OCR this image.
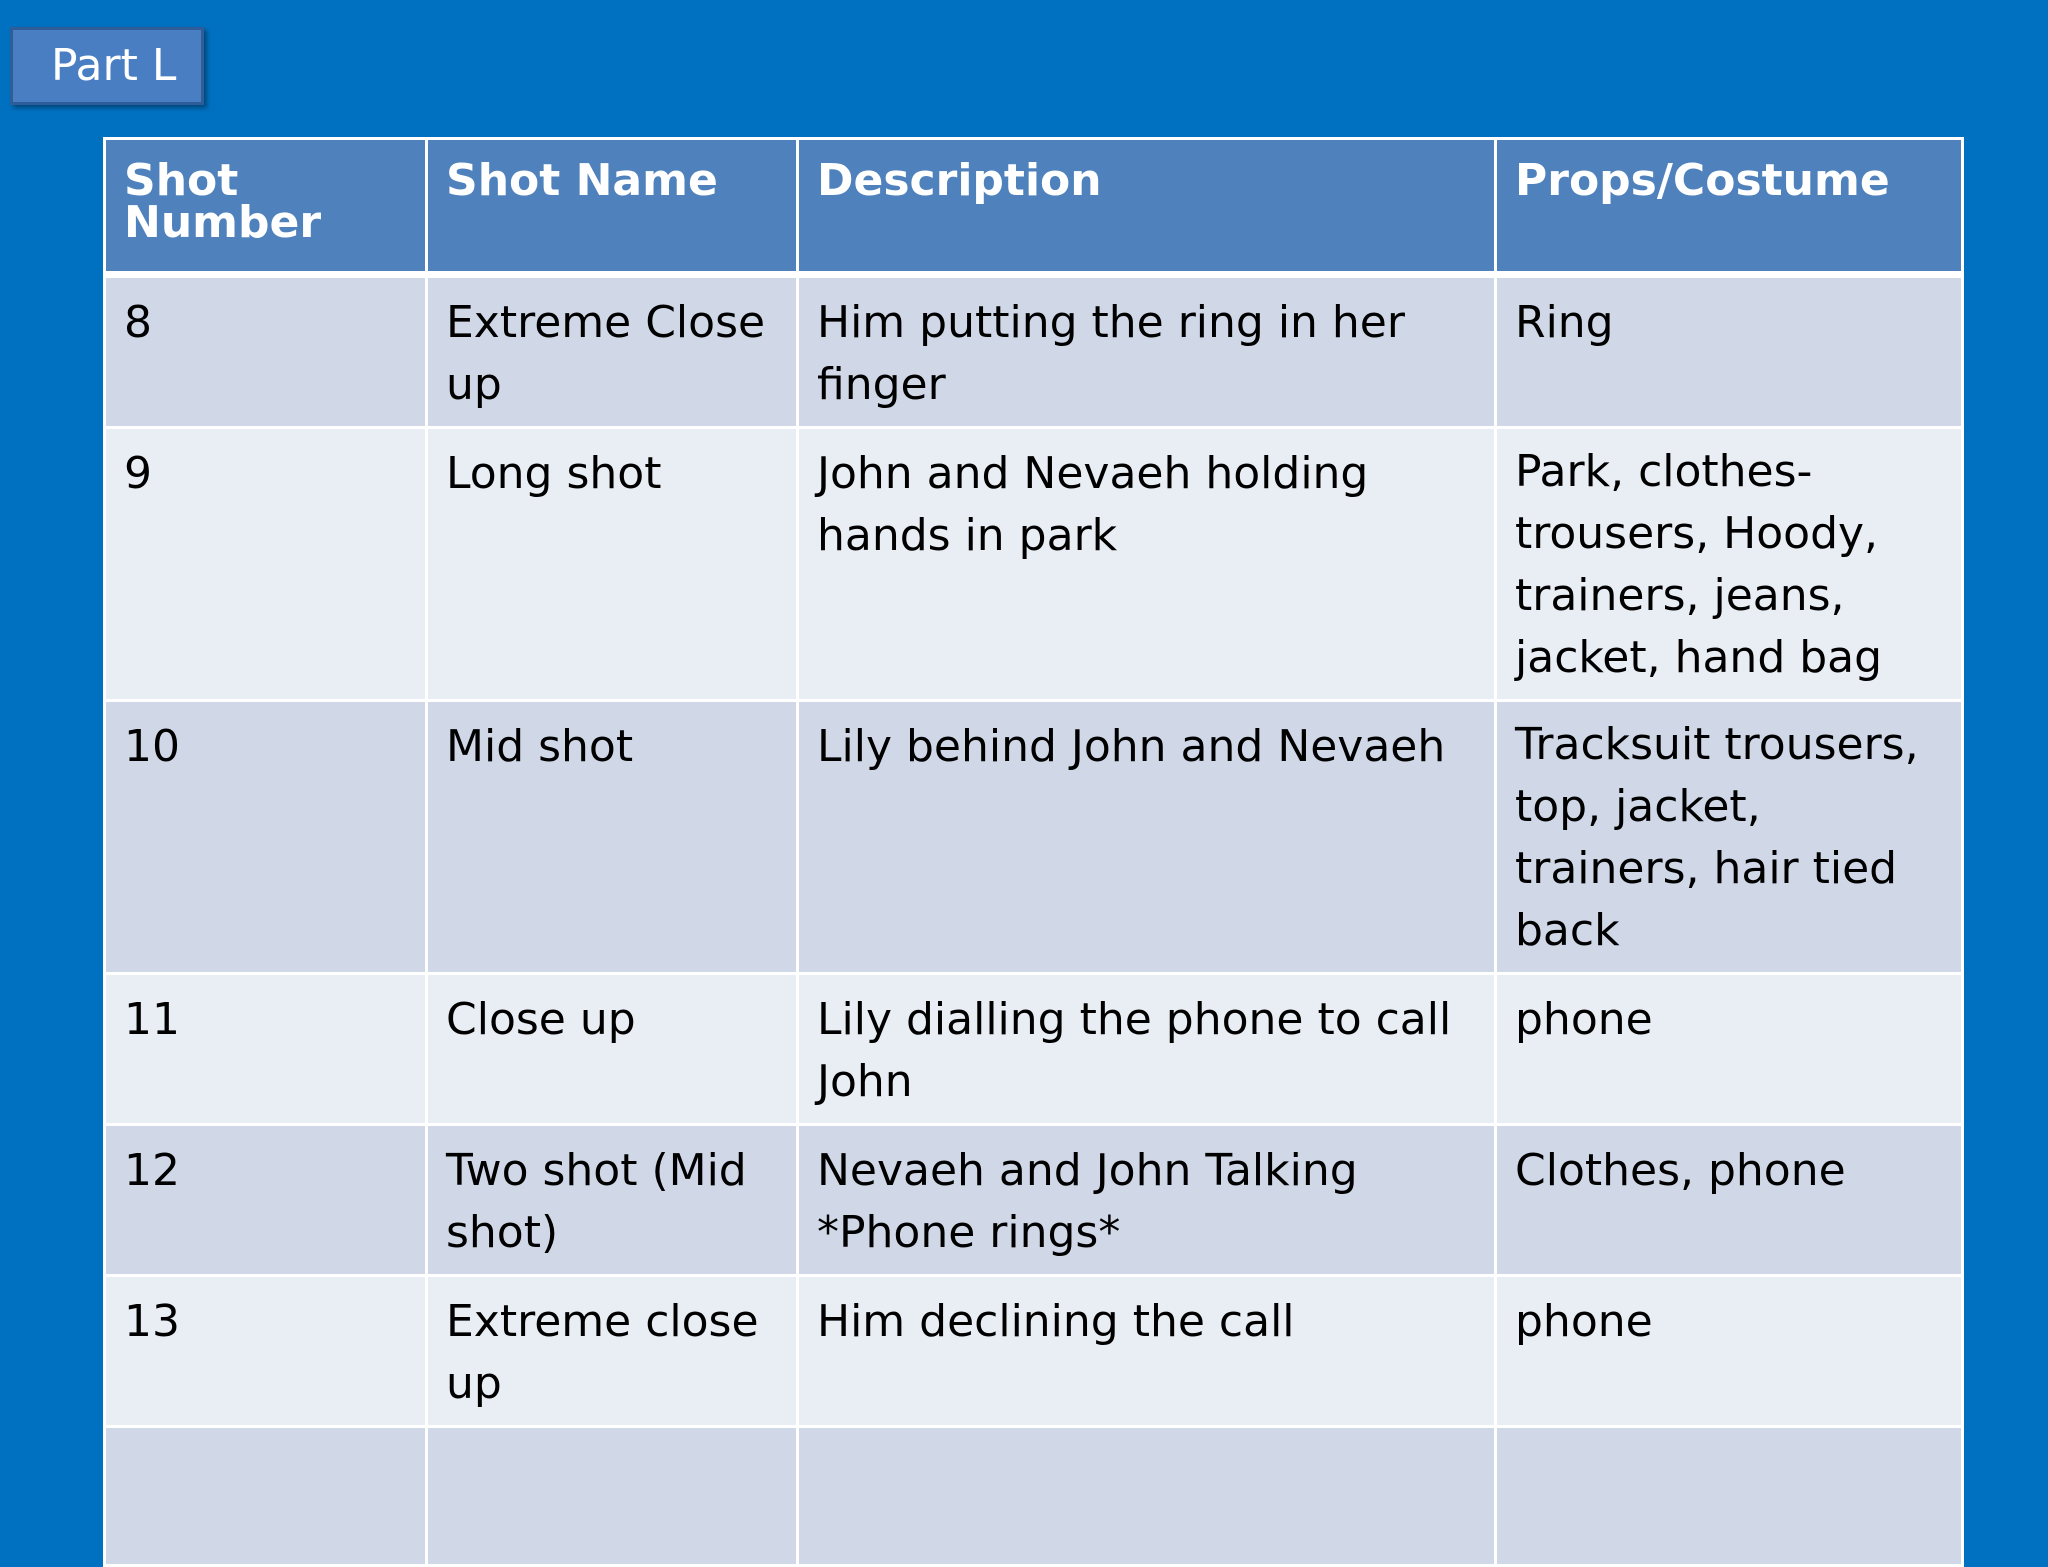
Part L
Shot Number	Shot Name	Description	Props/Costume
8	Extreme Close up	Him putting the ring in her finger	Ring
9	Long shot	John and Nevaeh holding hands in park	Park, clothes- trousers, Hoody, trainers, jeans, jacket, hand bag
10	Mid shot	Lily behind John and Nevaeh	Tracksuit trousers, top, jacket, trainers, hair tied back
11	Close up	Lily dialling the phone to call John	phone
12	Two shot (Mid shot)	Nevaeh and John Talking *Phone rings*	Clothes, phone
13	Extreme close up	Him declining the call	phone
